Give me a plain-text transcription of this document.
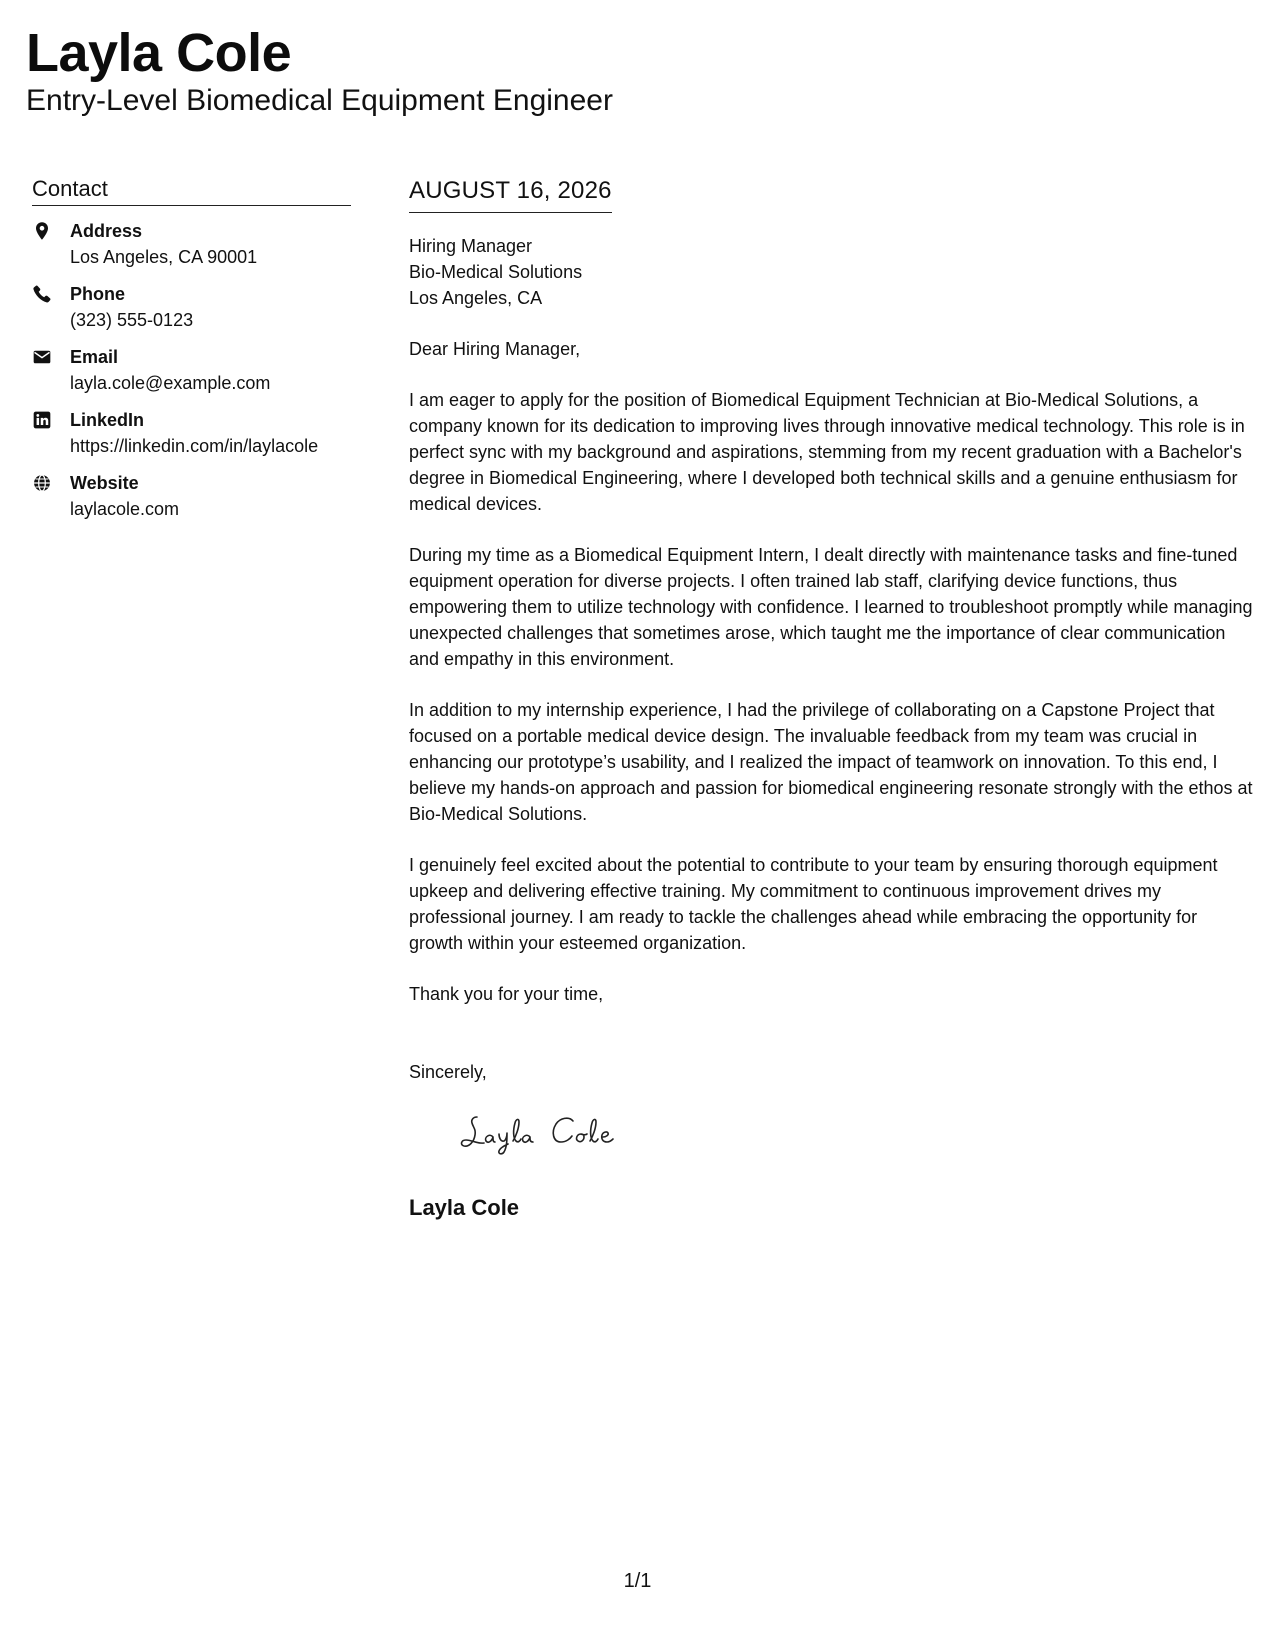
Layla Cole
Entry-Level Biomedical Equipment Engineer
Contact
Address
Los Angeles, CA 90001
Phone
(323) 555-0123
Email
layla.cole@example.com
LinkedIn
https://linkedin.com/in/laylacole
Website
laylacole.com
AUGUST 16, 2026
Hiring Manager
Bio-Medical Solutions
Los Angeles, CA
Dear Hiring Manager,

I am eager to apply for the position of Biomedical Equipment Technician at Bio-Medical Solutions, a company known for its dedication to improving lives through innovative medical technology. This role is in perfect sync with my background and aspirations, stemming from my recent graduation with a Bachelor's degree in Biomedical Engineering, where I developed both technical skills and a genuine enthusiasm for medical devices.

During my time as a Biomedical Equipment Intern, I dealt directly with maintenance tasks and fine-tuned equipment operation for diverse projects. I often trained lab staff, clarifying device functions, thus empowering them to utilize technology with confidence. I learned to troubleshoot promptly while managing unexpected challenges that sometimes arose, which taught me the importance of clear communication and empathy in this environment.

In addition to my internship experience, I had the privilege of collaborating on a Capstone Project that focused on a portable medical device design. The invaluable feedback from my team was crucial in enhancing our prototype’s usability, and I realized the impact of teamwork on innovation. To this end, I believe my hands-on approach and passion for biomedical engineering resonate strongly with the ethos at Bio-Medical Solutions.

I genuinely feel excited about the potential to contribute to your team by ensuring thorough equipment upkeep and delivering effective training. My commitment to continuous improvement drives my professional journey. I am ready to tackle the challenges ahead while embracing the opportunity for growth within your esteemed organization.

Thank you for your time,
Sincerely,
Layla Cole
1/1
